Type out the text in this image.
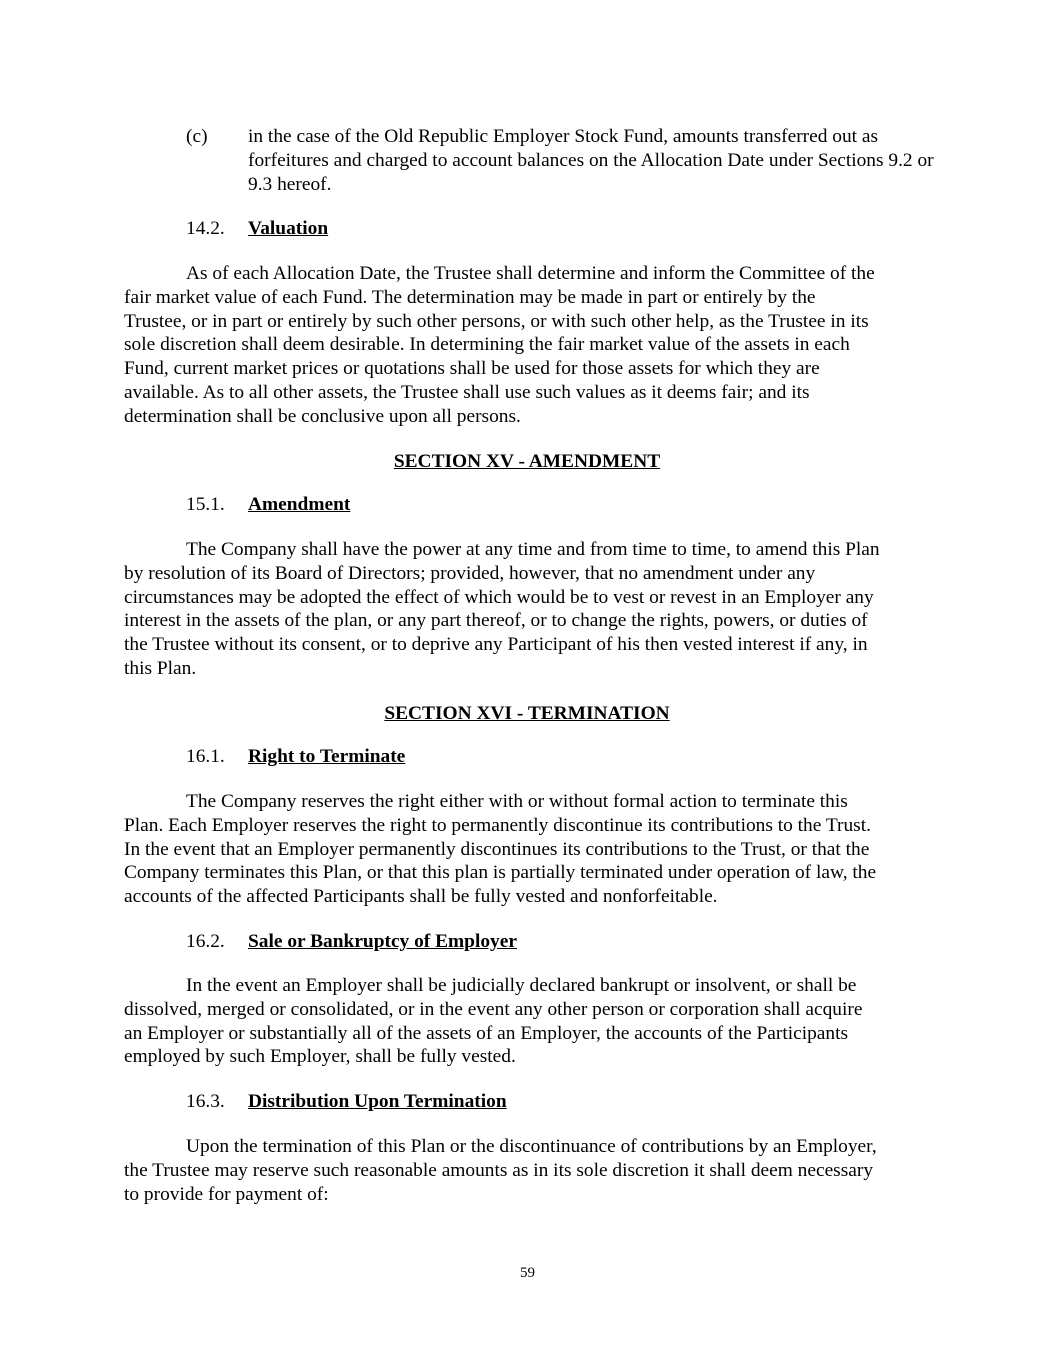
(c) in the case of the Old Republic Employer Stock Fund, amounts transferred out as forfeitures and charged to account balances on the Allocation Date under Sections 9.2 or 9.3 hereof.
14.2. Valuation
As of each Allocation Date, the Trustee shall determine and inform the Committee of the
fair market value of each Fund. The determination may be made in part or entirely by the
Trustee, or in part or entirely by such other persons, or with such other help, as the Trustee in its
sole discretion shall deem desirable. In determining the fair market value of the assets in each
Fund, current market prices or quotations shall be used for those assets for which they are
available. As to all other assets, the Trustee shall use such values as it deems fair; and its
determination shall be conclusive upon all persons.
SECTION XV - AMENDMENT
15.1. Amendment
The Company shall have the power at any time and from time to time, to amend this Plan
by resolution of its Board of Directors; provided, however, that no amendment under any
circumstances may be adopted the effect of which would be to vest or revest in an Employer any
interest in the assets of the plan, or any part thereof, or to change the rights, powers, or duties of
the Trustee without its consent, or to deprive any Participant of his then vested interest if any, in
this Plan.
SECTION XVI - TERMINATION
16.1. Right to Terminate
The Company reserves the right either with or without formal action to terminate this
Plan. Each Employer reserves the right to permanently discontinue its contributions to the Trust.
In the event that an Employer permanently discontinues its contributions to the Trust, or that the
Company terminates this Plan, or that this plan is partially terminated under operation of law, the
accounts of the affected Participants shall be fully vested and nonforfeitable.
16.2. Sale or Bankruptcy of Employer
In the event an Employer shall be judicially declared bankrupt or insolvent, or shall be
dissolved, merged or consolidated, or in the event any other person or corporation shall acquire
an Employer or substantially all of the assets of an Employer, the accounts of the Participants
employed by such Employer, shall be fully vested.
16.3. Distribution Upon Termination
Upon the termination of this Plan or the discontinuance of contributions by an Employer,
the Trustee may reserve such reasonable amounts as in its sole discretion it shall deem necessary
to provide for payment of:
59
